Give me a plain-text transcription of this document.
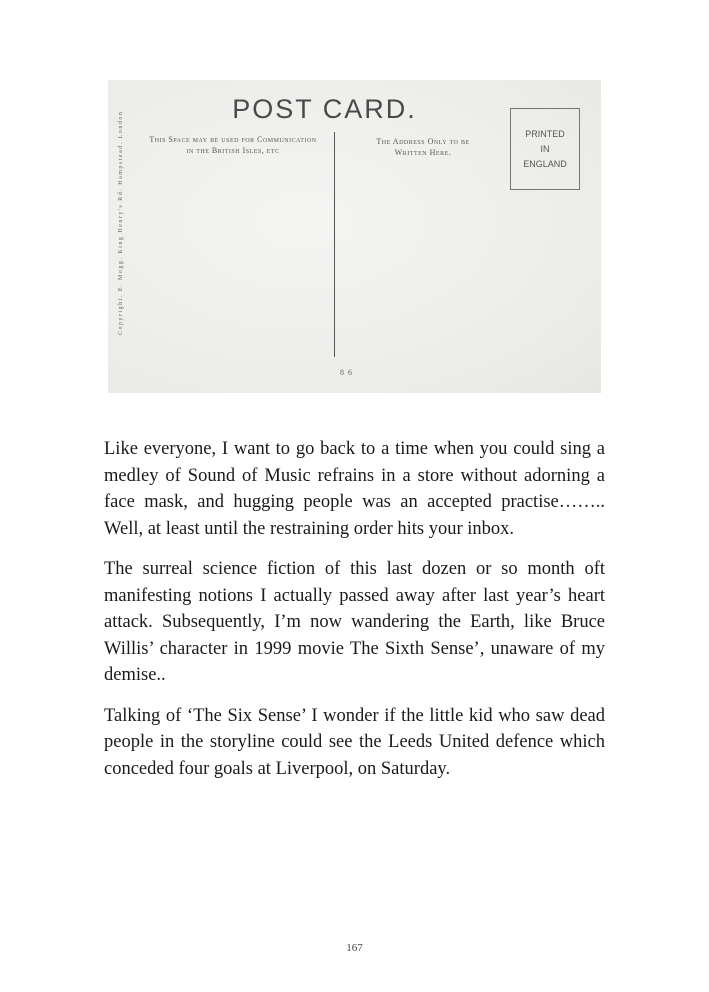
POST CARD.
This Space may be used for Communication
in the British Isles, etc
The Address Only to be
Written Here.
Copyright. E. Mogg. King Henry's Rd. Hampstead. London	PRINTED
IN
ENGLAND
86

Like everyone, I want to go back to a time when you could sing a medley of Sound of Music refrains in a store without adorning a face mask, and hugging people was an accepted practise…….. Well, at least until the restraining order hits your inbox.

The surreal science fiction of this last dozen or so month oft manifesting notions I actually passed away after last year’s heart attack. Subsequently, I’m now wandering the Earth, like Bruce Willis’ character in 1999 movie The Sixth Sense’, unaware of my demise..

Talking of ‘The Six Sense’ I wonder if the little kid who saw dead people in the storyline could see the Leeds United defence which conceded four goals at Liverpool, on Saturday.

167
